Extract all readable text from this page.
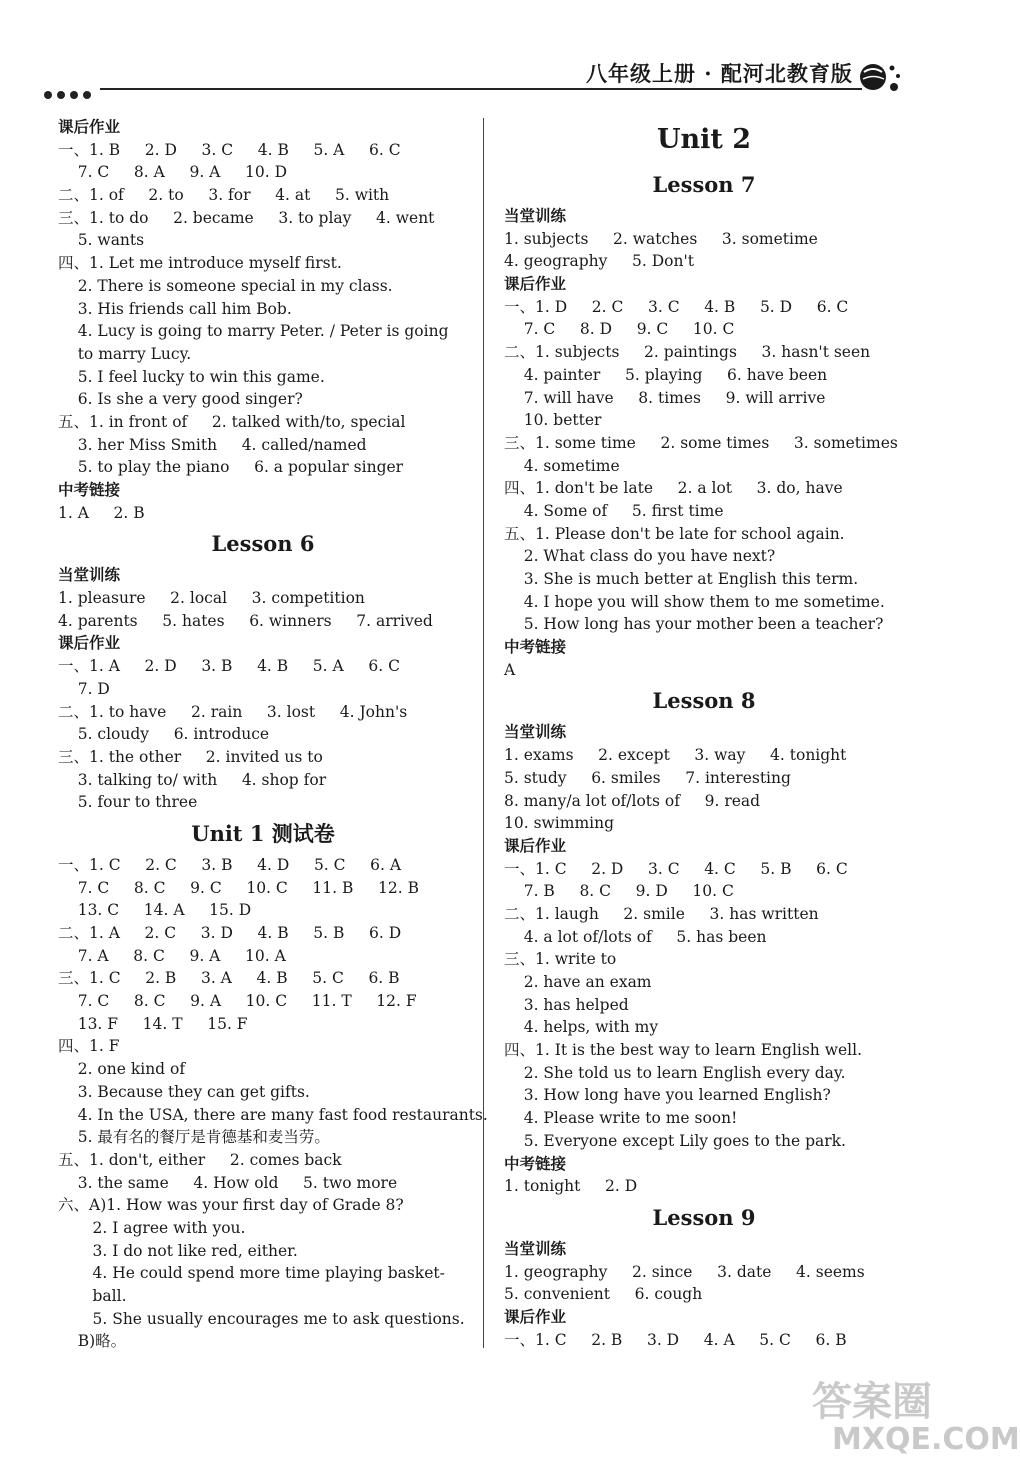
八年级上册 · 配河北教育版
课后作业
一、1. B     2. D     3. C     4. B     5. A     6. C
7. C     8. A     9. A     10. D
二、1. of     2. to     3. for     4. at     5. with
三、1. to do     2. became     3. to play     4. went
5. wants
四、1. Let me introduce myself first.
2. There is someone special in my class.
3. His friends call him Bob.
4. Lucy is going to marry Peter. / Peter is going
to marry Lucy.
5. I feel lucky to win this game.
6. Is she a very good singer?
五、1. in front of     2. talked with/to, special
3. her Miss Smith     4. called/named
5. to play the piano     6. a popular singer
中考链接
1. A     2. B
Lesson 6
当堂训练
1. pleasure     2. local     3. competition
4. parents     5. hates     6. winners     7. arrived
课后作业
一、1. A     2. D     3. B     4. B     5. A     6. C
7. D
二、1. to have     2. rain     3. lost     4. John's
5. cloudy     6. introduce
三、1. the other     2. invited us to
3. talking to/ with     4. shop for
5. four to three
Unit 1 测试卷
一、1. C     2. C     3. B     4. D     5. C     6. A
7. C     8. C     9. C     10. C     11. B     12. B
13. C     14. A     15. D
二、1. A     2. C     3. D     4. B     5. B     6. D
7. A     8. C     9. A     10. A
三、1. C     2. B     3. A     4. B     5. C     6. B
7. C     8. C     9. A     10. C     11. T     12. F
13. F     14. T     15. F
四、1. F
2. one kind of
3. Because they can get gifts.
4. In the USA, there are many fast food restaurants.
5. 最有名的餐厅是肯德基和麦当劳。
五、1. don't, either     2. comes back
3. the same     4. How old     5. two more
六、A)1. How was your first day of Grade 8?
2. I agree with you.
3. I do not like red, either.
4. He could spend more time playing basket-
ball.
5. She usually encourages me to ask questions.
B)略。
Unit 2
Lesson 7
当堂训练
1. subjects     2. watches     3. sometime
4. geography     5. Don't
课后作业
一、1. D     2. C     3. C     4. B     5. D     6. C
7. C     8. D     9. C     10. C
二、1. subjects     2. paintings     3. hasn't seen
4. painter     5. playing     6. have been
7. will have     8. times     9. will arrive
10. better
三、1. some time     2. some times     3. sometimes
4. sometime
四、1. don't be late     2. a lot     3. do, have
4. Some of     5. first time
五、1. Please don't be late for school again.
2. What class do you have next?
3. She is much better at English this term.
4. I hope you will show them to me sometime.
5. How long has your mother been a teacher?
中考链接
A
Lesson 8
当堂训练
1. exams     2. except     3. way     4. tonight
5. study     6. smiles     7. interesting
8. many/a lot of/lots of     9. read
10. swimming
课后作业
一、1. C     2. D     3. C     4. C     5. B     6. C
7. B     8. C     9. D     10. C
二、1. laugh     2. smile     3. has written
4. a lot of/lots of     5. has been
三、1. write to
2. have an exam
3. has helped
4. helps, with my
四、1. It is the best way to learn English well.
2. She told us to learn English every day.
3. How long have you learned English?
4. Please write to me soon!
5. Everyone except Lily goes to the park.
中考链接
1. tonight     2. D
Lesson 9
当堂训练
1. geography     2. since     3. date     4. seems
5. convenient     6. cough
课后作业
一、1. C     2. B     3. D     4. A     5. C     6. B
答案圈
MXQE.COM
